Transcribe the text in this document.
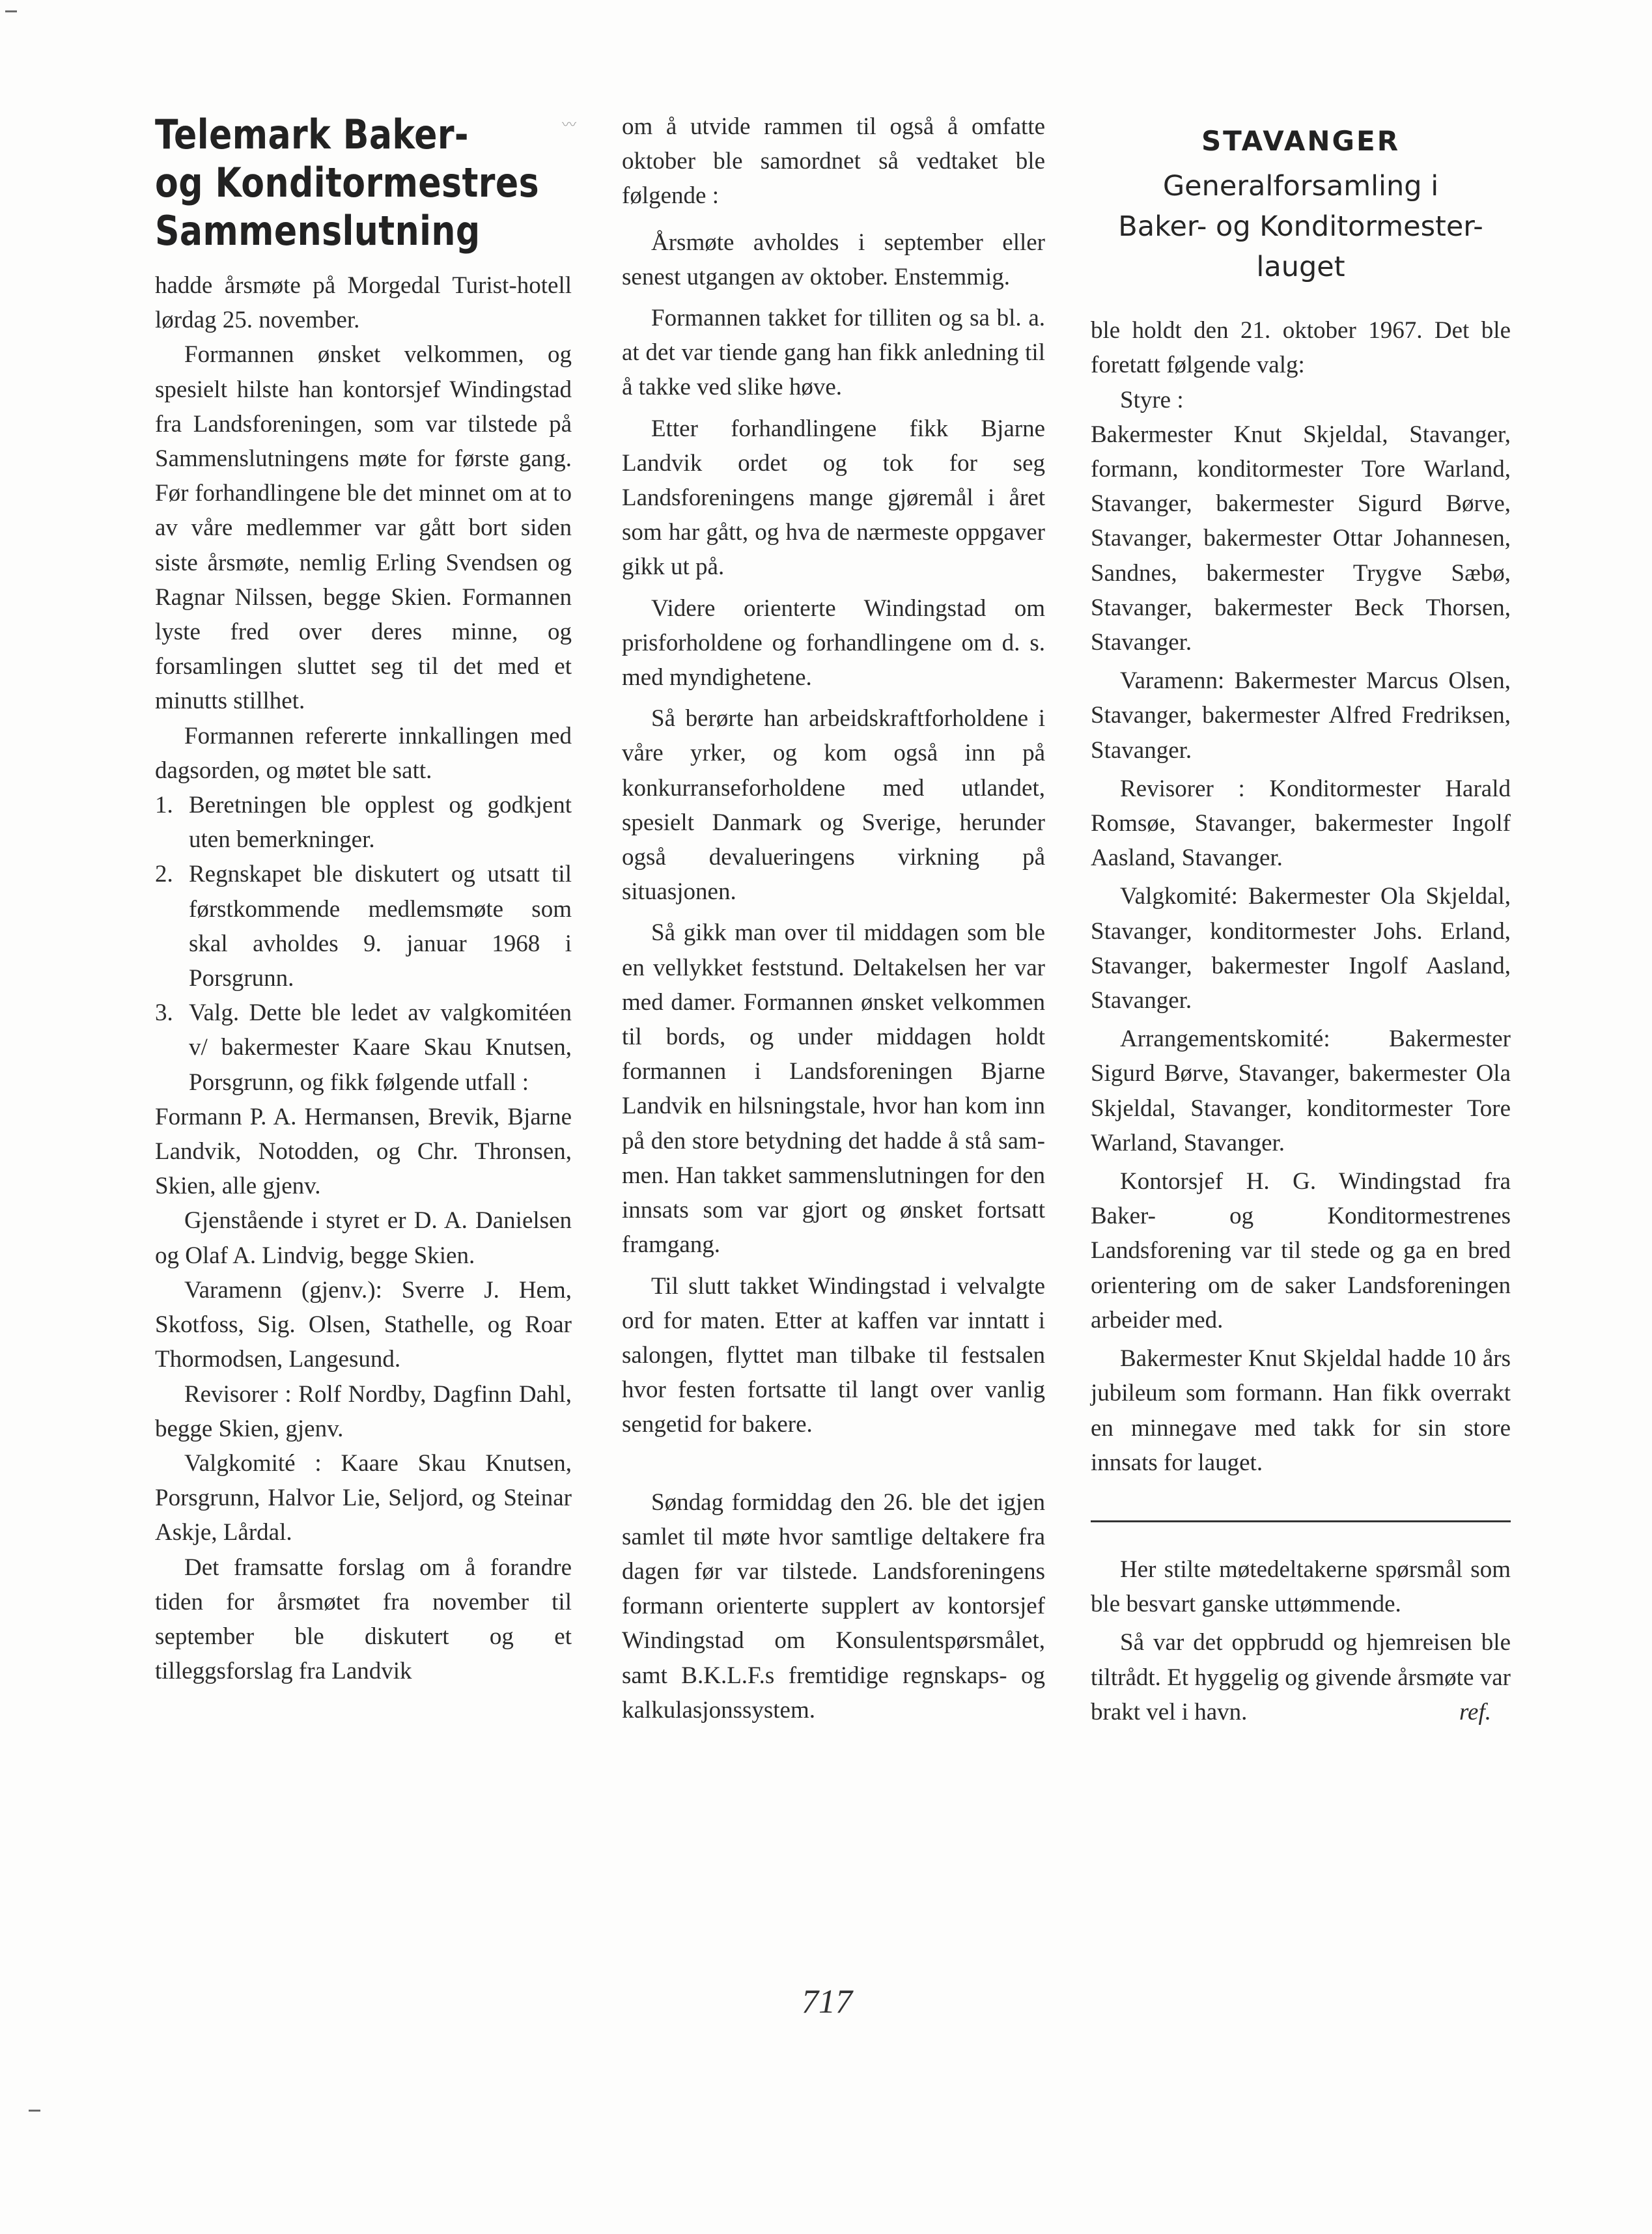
〰
Telemark Baker-
og Konditormestres
Sammenslutning

hadde årsmøte på Morgedal Turist-hotell lørdag 25. november.

Formannen ønsket velkommen, og spesielt hilste han kontorsjef Windingstad fra Landsforeningen, som var tilstede på Sammenslutningens møte for første gang. Før forhandlingene ble det minnet om at to av våre medlemmer var gått bort siden siste årsmøte, nemlig Erling Svendsen og Ragnar Nilssen, begge Skien. Formannen lyste fred over deres minne, og forsamlingen sluttet seg til det med et minutts stillhet.

Formannen refererte innkallingen med dagsorden, og møtet ble satt.

1. Beretningen ble opplest og godkjent uten bemerkninger.
2. Regnskapet ble diskutert og utsatt til førstkommende medlemsmøte som skal avholdes 9. januar 1968 i Porsgrunn.
3. Valg. Dette ble ledet av valgkomitéen v/ bakermester Kaare Skau Knutsen, Porsgrunn, og fikk følgende utfall :

Formann P. A. Hermansen, Brevik, Bjarne Landvik, Notodden, og Chr. Thronsen, Skien, alle gjenv.

Gjenstående i styret er D. A. Danielsen og Olaf A. Lindvig, begge Skien.

Varamenn (gjenv.): Sverre J. Hem, Skotfoss, Sig. Olsen, Stathelle, og Roar Thormodsen, Langesund.

Revisorer : Rolf Nordby, Dagfinn Dahl, begge Skien, gjenv.

Valgkomité : Kaare Skau Knutsen, Porsgrunn, Halvor Lie, Seljord, og Steinar Askje, Lårdal.

Det framsatte forslag om å forandre tiden for årsmøtet fra november til september ble diskutert og et tilleggsforslag fra Landvik

om å utvide rammen til også å omfatte oktober ble samordnet så vedtaket ble følgende :

Årsmøte avholdes i september eller senest utgangen av oktober. Enstemmig.

Formannen takket for tilliten og sa bl. a. at det var tiende gang han fikk anledning til å takke ved slike høve.

Etter forhandlingene fikk Bjarne Landvik ordet og tok for seg Landsforeningens mange gjøremål i året som har gått, og hva de nærmeste oppgaver gikk ut på.

Videre orienterte Windingstad om prisforholdene og forhandlingene om d. s. med myndighetene.

Så berørte han arbeidskraftforholdene i våre yrker, og kom også inn på konkurranseforholdene med utlandet, spesielt Danmark og Sverige, herunder også devalueringens virkning på situasjonen.

Så gikk man over til middagen som ble en vellykket feststund. Deltakelsen her var med damer. Formannen ønsket velkommen til bords, og under middagen holdt formannen i Landsforeningen Bjarne Landvik en hilsningstale, hvor han kom inn på den store betydning det hadde å stå sammen. Han takket sammenslutningen for den innsats som var gjort og ønsket fortsatt framgang.

Til slutt takket Windingstad i velvalgte ord for maten. Etter at kaffen var inntatt i salongen, flyttet man tilbake til festsalen hvor festen fortsatte til langt over vanlig sengetid for bakere.

Søndag formiddag den 26. ble det igjen samlet til møte hvor samtlige deltakere fra dagen før var tilstede. Landsforeningens formann orienterte supplert av kontorsjef Windingstad om Konsulentspørsmålet, samt B.K.L.F.s fremtidige regnskaps- og kalkulasjonssystem.

STAVANGER
Generalforsamling i
Baker- og Konditormester-
lauget

ble holdt den 21. oktober 1967. Det ble foretatt følgende valg:

Styre :

Bakermester Knut Skjeldal, Stavanger, formann, konditormester Tore Warland, Stavanger, bakermester Sigurd Børve, Stavanger, bakermester Ottar Johannesen, Sandnes, bakermester Trygve Sæbø, Stavanger, bakermester Beck Thorsen, Stavanger.

Varamenn: Bakermester Marcus Olsen, Stavanger, bakermester Alfred Fredriksen, Stavanger.

Revisorer : Konditormester Harald Romsøe, Stavanger, bakermester Ingolf Aasland, Stavanger.

Valgkomité: Bakermester Ola Skjeldal, Stavanger, konditormester Johs. Erland, Stavanger, bakermester Ingolf Aasland, Stavanger.

Arrangementskomité: Bakermester Sigurd Børve, Stavanger, bakermester Ola Skjeldal, Stavanger, konditormester Tore Warland, Stavanger.

Kontorsjef H. G. Windingstad fra Baker- og Konditormestrenes Landsforening var til stede og ga en bred orientering om de saker Landsforeningen arbeider med.

Bakermester Knut Skjeldal hadde 10 års jubileum som formann. Han fikk overrakt en minnegave med takk for sin store innsats for lauget.

Her stilte møtedeltakerne spørsmål som ble besvart ganske uttømmende.

Så var det oppbrudd og hjemreisen ble tiltrådt. Et hyggelig og givende årsmøte var brakt vel i havn.	ref.

717
